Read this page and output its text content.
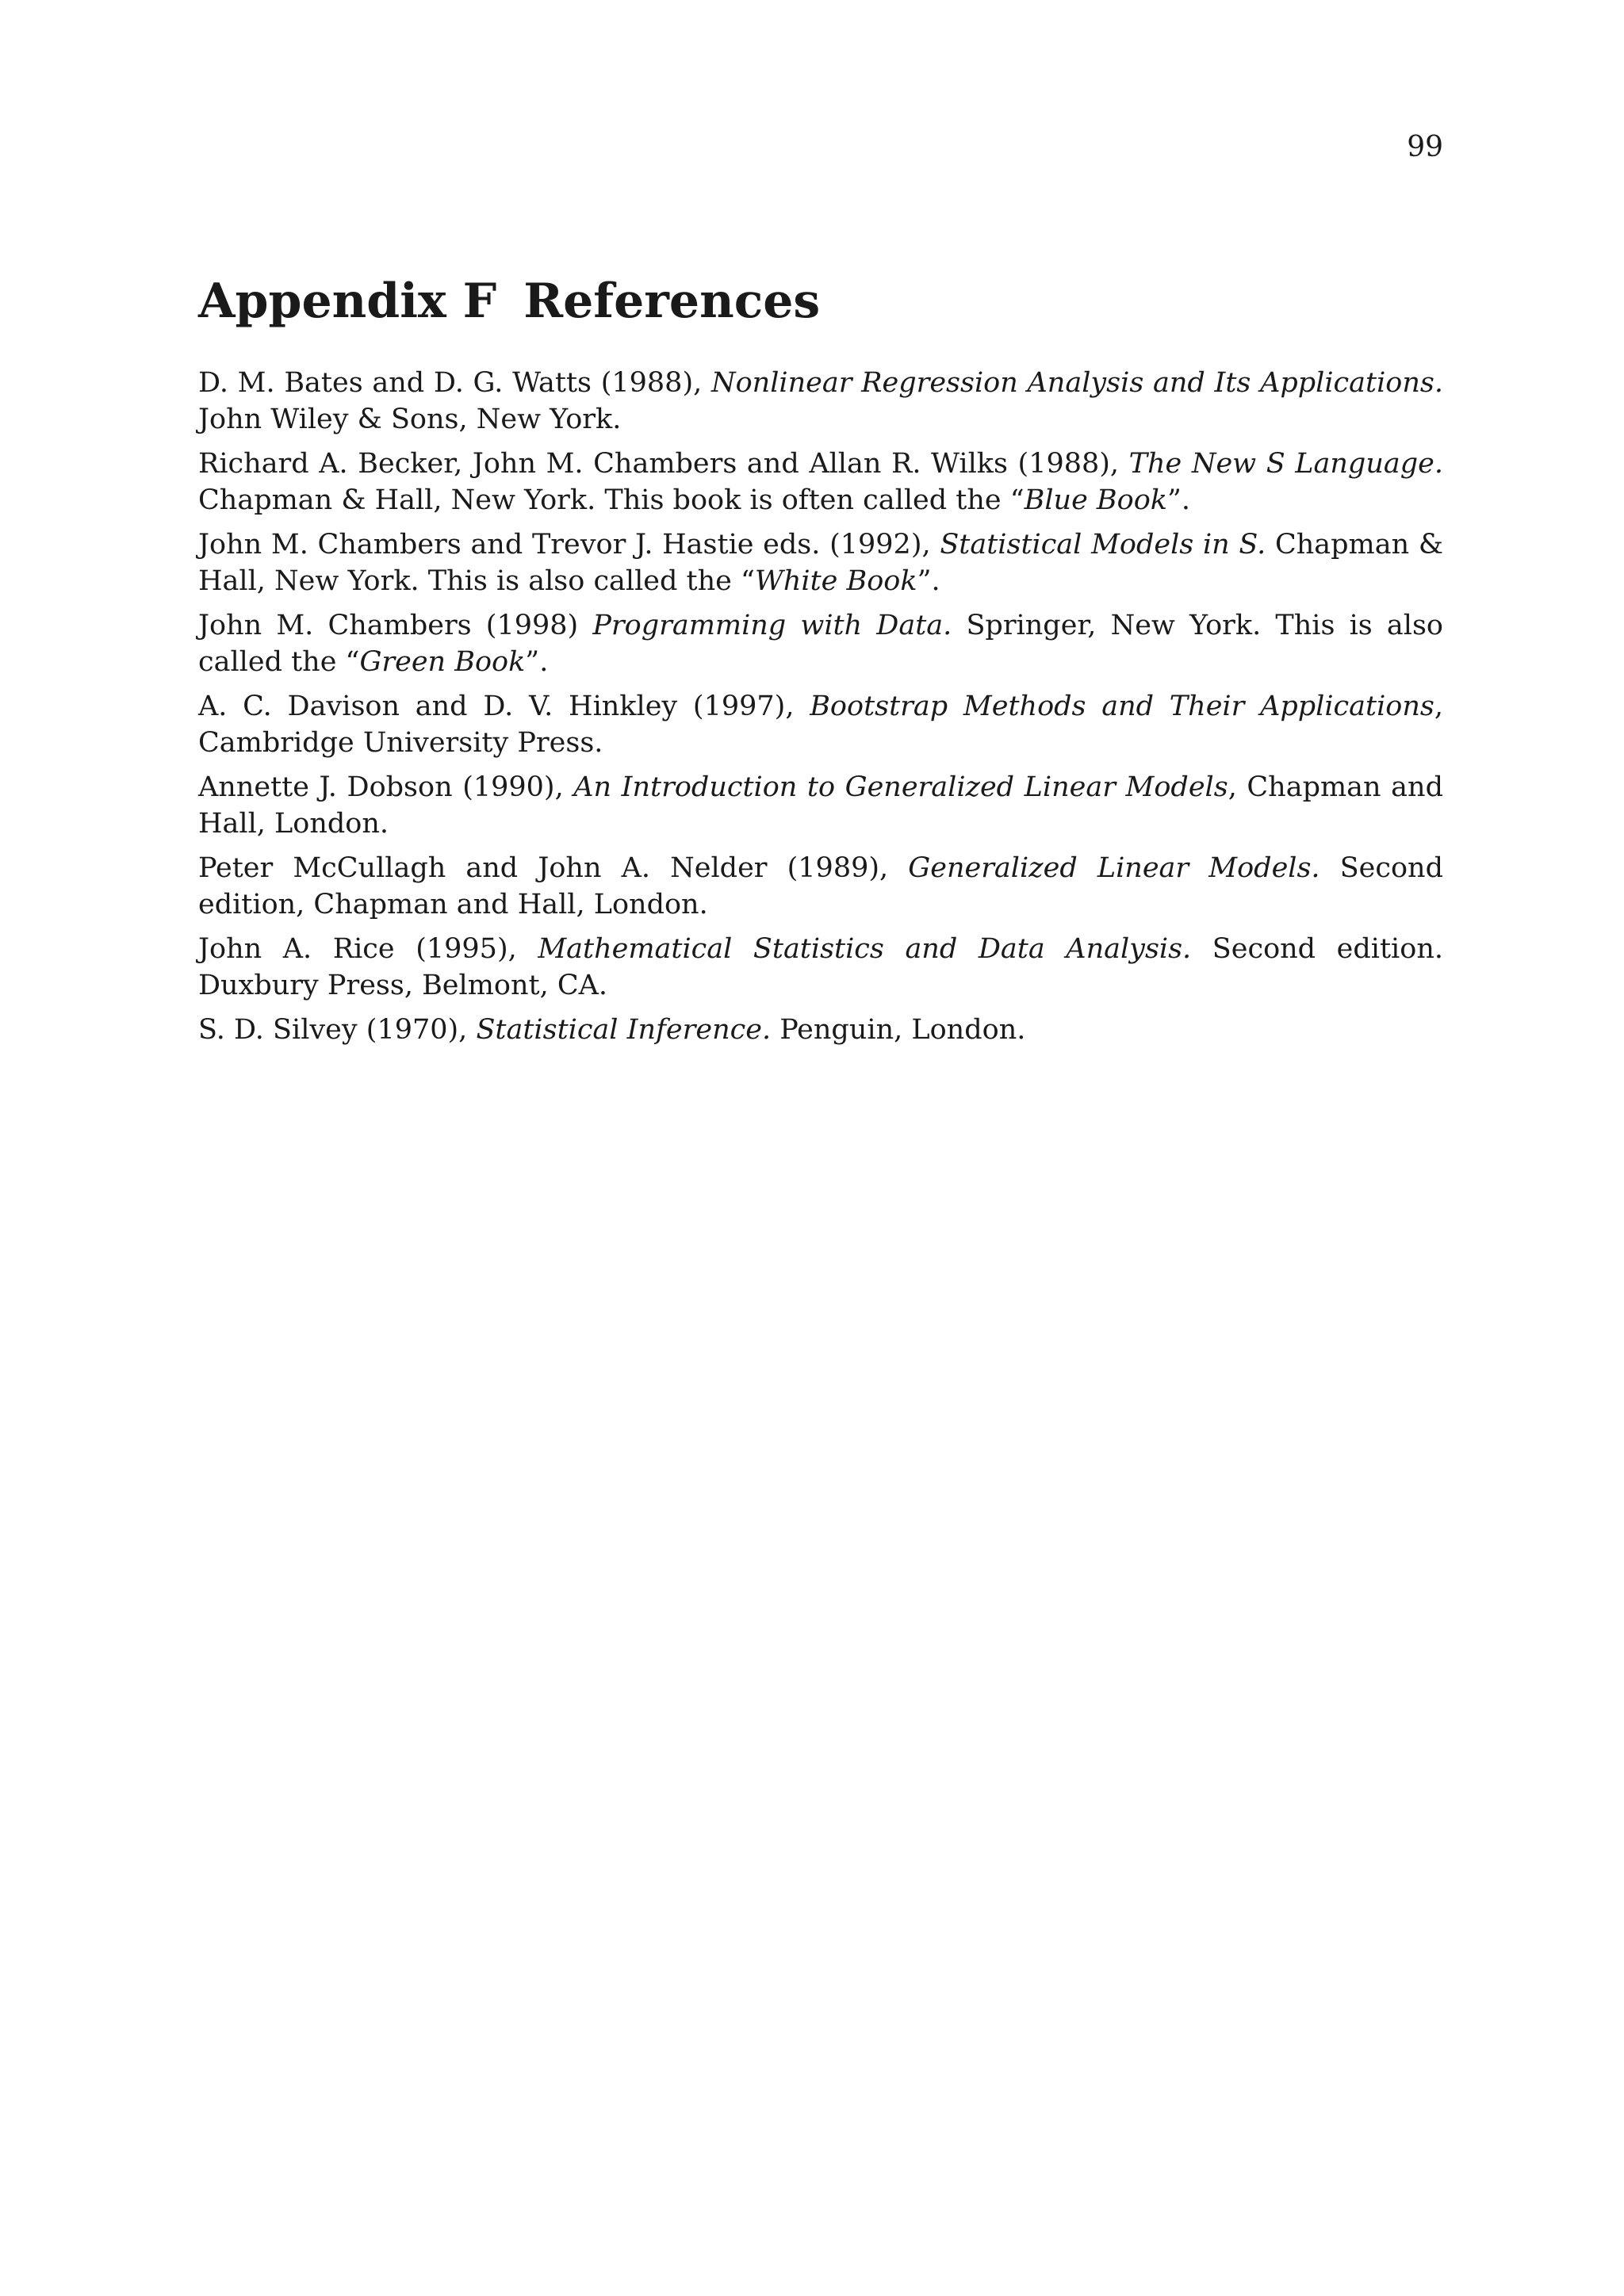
99
Appendix F References

D. M. Bates and D. G. Watts (1988), Nonlinear Regression Analysis and Its Applications. John Wiley & Sons, New York.

Richard A. Becker, John M. Chambers and Allan R. Wilks (1988), The New S Language. Chapman & Hall, New York. This book is often called the “Blue Book”.

John M. Chambers and Trevor J. Hastie eds. (1992), Statistical Models in S. Chapman & Hall, New York. This is also called the “White Book”.

John M. Chambers (1998) Programming with Data. Springer, New York. This is also called the “Green Book”.

A. C. Davison and D. V. Hinkley (1997), Bootstrap Methods and Their Applications, Cambridge University Press.

Annette J. Dobson (1990), An Introduction to Generalized Linear Models, Chapman and Hall, London.

Peter McCullagh and John A. Nelder (1989), Generalized Linear Models. Second edition, Chapman and Hall, London.

John A. Rice (1995), Mathematical Statistics and Data Analysis. Second edition. Duxbury Press, Belmont, CA.

S. D. Silvey (1970), Statistical Inference. Penguin, London.
